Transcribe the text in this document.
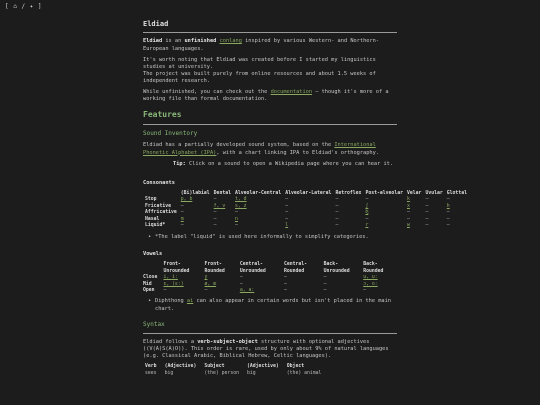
[ ⌂ / ✦ ]
Eldiad

Eldiad is an unfinished conlang inspired by various Western- and Northern-European languages.

It's worth noting that Eldiad was created before I started my linguistics studies at university.
The project was built purely from online resources and about 1.5 weeks of independent research.

While unfinished, you can check out the documentation — though it's more of a working file than formal documentation.

Features
Sound Inventory

Eldiad has a partially developed sound system, based on the International Phonetic Alphabet (IPA), with a chart linking IPA to Eldiad's orthography.

Tip: Click on a sound to open a Wikipedia page where you can hear it.

Consonants
	(Bi)labial	Dental	Alveolar-Central	Alveolar-Lateral	Retroflex	Post-alveolar	Velar	Uvular	Glottal
Stop	p, b	—	t, d	—	—	—	k	—	—
Fricative	—	f, v	s, z	—	—	ʃ	x	—	h
Affricative	—	—	—	—	—	ʤ	—	—	—
Nasal	m	—	n	—	—	—	—	—	—
Liquid*	—	—	—	l	—	r	w	—	—
• *The label "liquid" is used here informally to simplify categories.
Vowels
	Front-Unrounded	Front-Rounded	Central-Unrounded	Central-Rounded	Back-Unrounded	Back-Rounded
Close	i, iː	y	—	—	—	u, uː
Mid	ɛ, (ɛː)	ø, œ	—	—	—	ɔ, oː
Open	—	—	a, aː	—	—	—
• Diphthong ai can also appear in certain words but isn't placed in the main chart.
Syntax

Eldiad follows a verb-subject-object structure with optional adjectives ((V(A)S(A)O)). This order is rare, used by only about 9% of natural languages (e.g. Classical Arabic, Biblical Hebrew, Celtic languages).

Verb	(Adjective)	Subject	(Adjective)	Object
sees	big	(the) person	big	(the) animal
